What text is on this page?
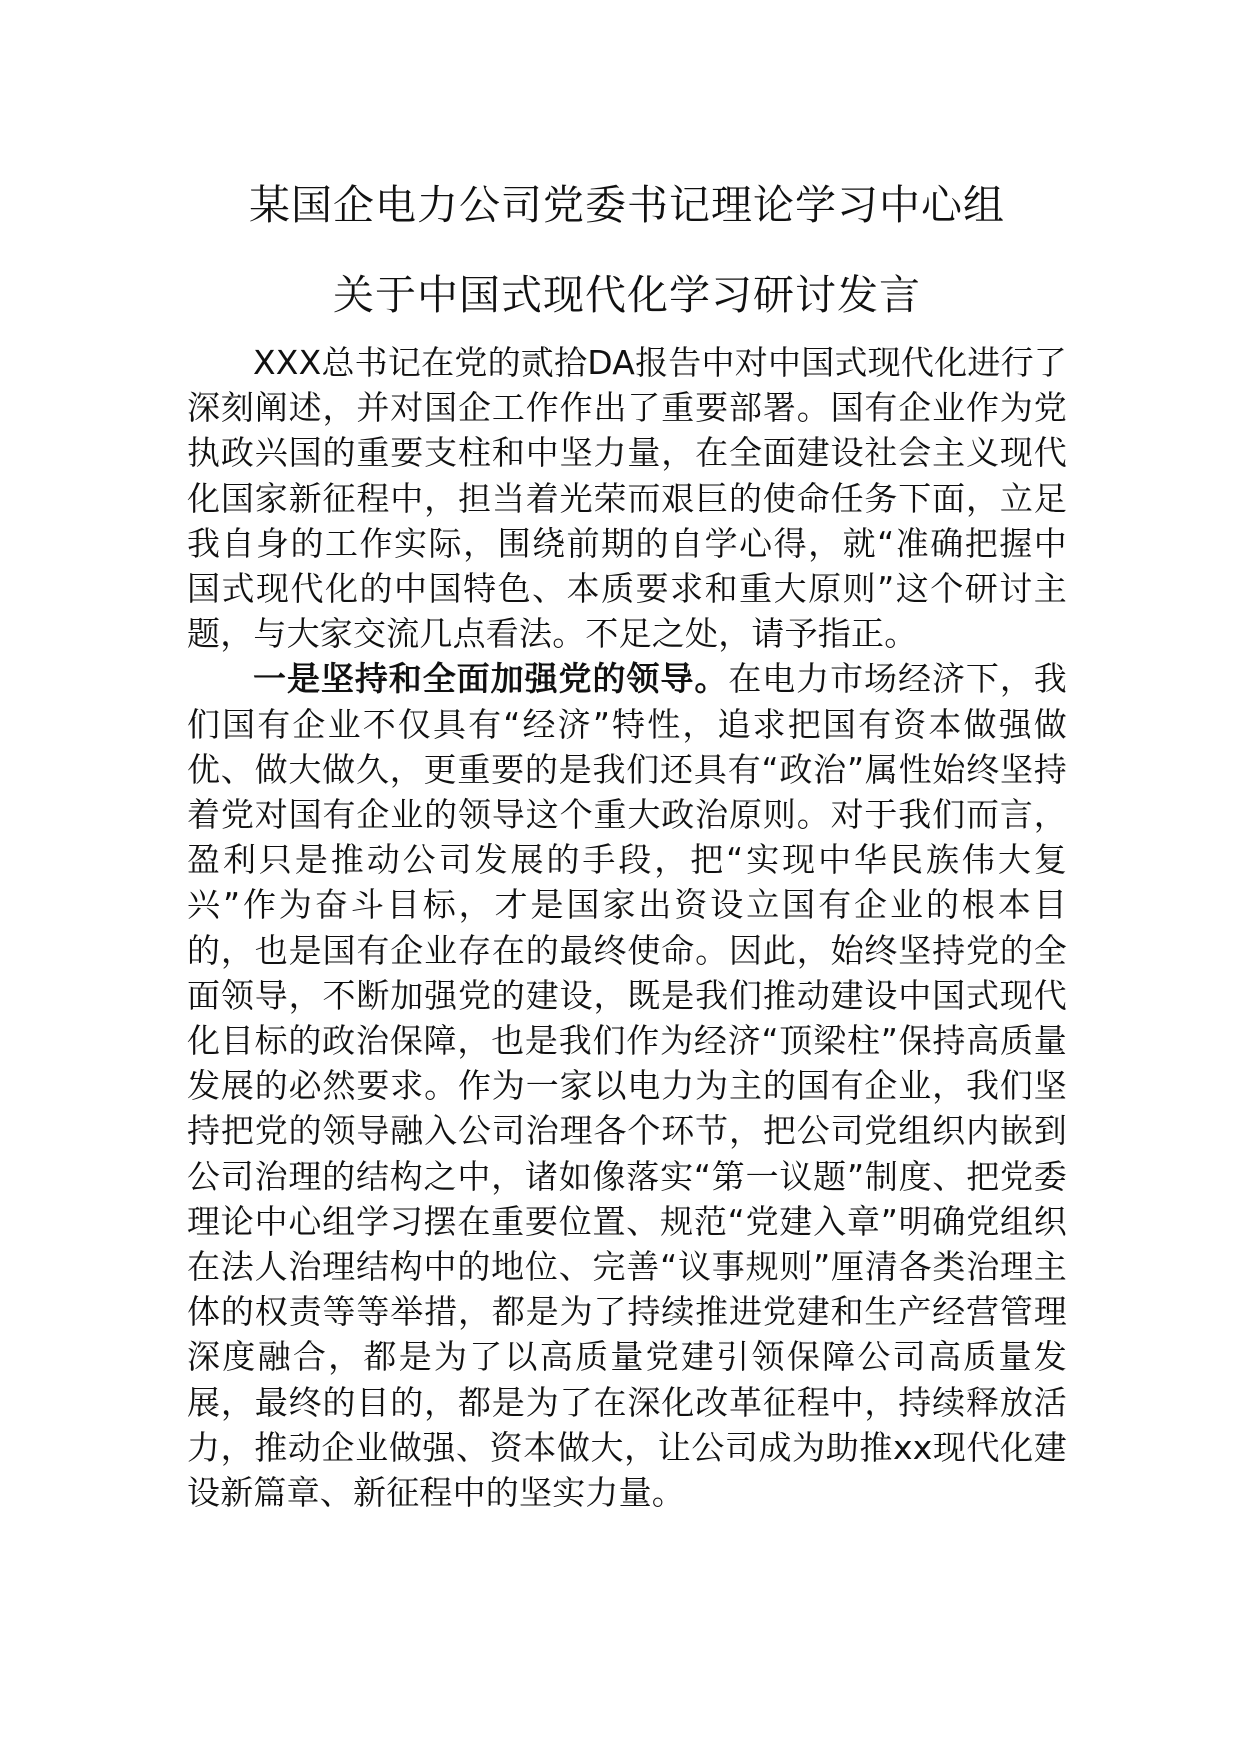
某国企电力公司党委书记理论学习中心组
关于中国式现代化学习研讨发言

XXX总书记在党的贰拾DA报告中对中国式现代化进行了深刻阐述，并对国企工作作出了重要部署。国有企业作为党执政兴国的重要支柱和中坚力量，在全面建设社会主义现代化国家新征程中，担当着光荣而艰巨的使命任务下面，立足我自身的工作实际，围绕前期的自学心得，就“准确把握中国式现代化的中国特色、本质要求和重大原则”这个研讨主题，与大家交流几点看法。不足之处，请予指正。

一是坚持和全面加强党的领导。在电力市场经济下，我们国有企业不仅具有“经济”特性，追求把国有资本做强做优、做大做久，更重要的是我们还具有“政治”属性始终坚持着党对国有企业的领导这个重大政治原则。对于我们而言，盈利只是推动公司发展的手段，把“实现中华民族伟大复兴”作为奋斗目标，才是国家出资设立国有企业的根本目的，也是国有企业存在的最终使命。因此，始终坚持党的全面领导，不断加强党的建设，既是我们推动建设中国式现代化目标的政治保障，也是我们作为经济“顶梁柱”保持高质量发展的必然要求。作为一家以电力为主的国有企业，我们坚持把党的领导融入公司治理各个环节，把公司党组织内嵌到公司治理的结构之中，诸如像落实“第一议题”制度、把党委理论中心组学习摆在重要位置、规范“党建入章”明确党组织在法人治理结构中的地位、完善“议事规则”厘清各类治理主体的权责等等举措，都是为了持续推进党建和生产经营管理深度融合，都是为了以高质量党建引领保障公司高质量发展，最终的目的，都是为了在深化改革征程中，持续释放活力，推动企业做强、资本做大，让公司成为助推xx现代化建设新篇章、新征程中的坚实力量。
